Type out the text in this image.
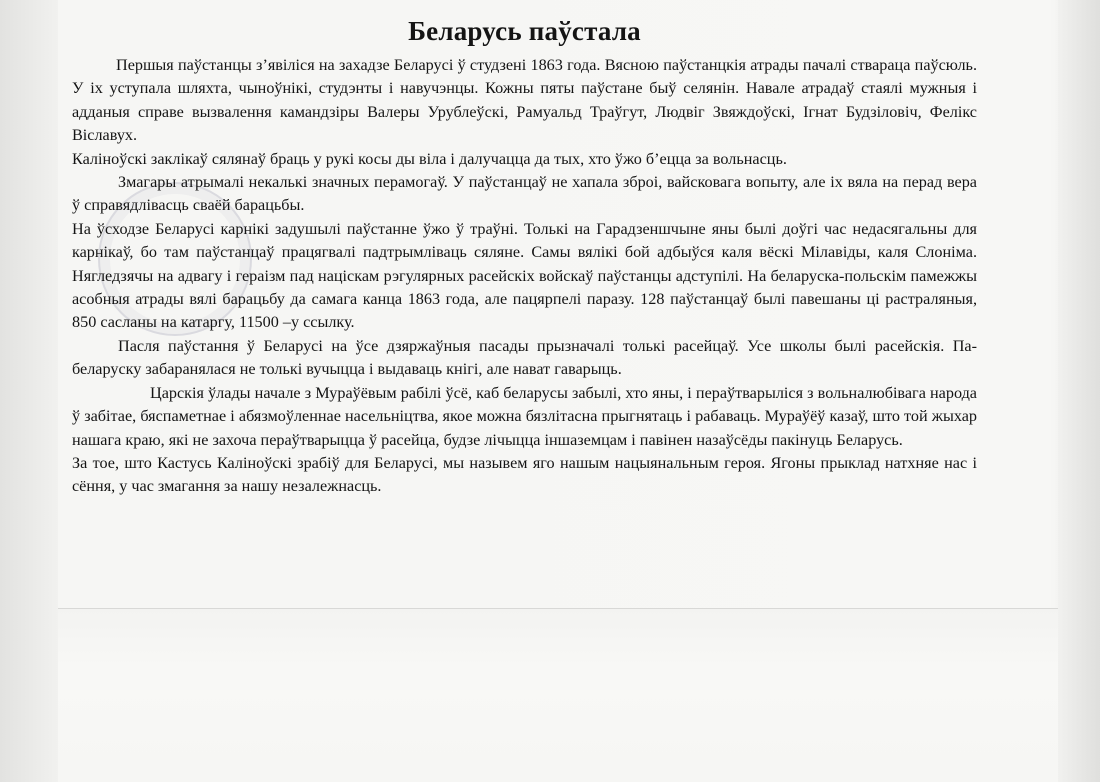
Беларусь паўстала

Першыя паўстанцы з’явіліся на захадзе Беларусі ў студзені 1863 года. Вясною паўстанцкія атрады пачалі ствараца паўсюль. У іх уступала шляхта, чыноўнікі, студэнты і навучэнцы. Кожны пяты паўстане быў селянін. Навале атрадаў стаялі мужныя і адданыя справе вызвалення камандзіры Валеры Урублеўскі, Рамуальд Траўгут, Людвіг Звяждоўскі, Ігнат Будзіловіч, Фелікс Віславух.

Каліноўскі заклікаў сялянаў браць у рукі косы ды віла і далучацца да тых, хто ўжо б’ецца за вольнасць.

Змагары атрымалі некалькі значных перамогаў. У паўстанцаў не хапала зброі, вайсковага вопыту, але іх вяла на перад вера ў справядлівасць сваёй барацьбы.

На ўсходзе Беларусі карнікі задушылі паўстанне ўжо ў траўні. Толькі на Гарадзеншчыне яны былі доўгі час недасягальны для карнікаў, бо там паўстанцаў працягвалі падтрымліваць сяляне. Самы вялікі бой адбыўся каля вёскі Мілавіды, каля Слоніма. Нягледзячы на адвагу і гераізм пад націскам рэгулярных расейскіх войскаў паўстанцы адступілі. На беларуска-польскім памежжы асобныя атрады вялі барацьбу да самага канца 1863 года, але пацярпелі паразу. 128 паўстанцаў былі павешаны ці растраляныя, 850 сасланы на катаргу, 11500 –у ссылку.

Пасля паўстання ў Беларусі на ўсе дзяржаўныя пасады прызначалі толькі расейцаў. Усе школы былі расейскія. Па-беларуску забаранялася не толькі вучыцца і выдаваць кнігі, але нават гаварыць.

Царскія ўлады начале з Мураўёвым рабілі ўсё, каб беларусы забылі, хто яны, і пераўтварыліся з вольналюбівага народа ў забітае, бяспаметнае і абязмоўленнае насельніцтва, якое можна бязлітасна прыгнятаць і рабаваць. Мураўёў казаў, што той жыхар нашага краю, які не захоча пераўтварыцца ў расейца, будзе лічыцца іншаземцам і павінен назаўсёды пакінуць Беларусь.

За тое, што Кастусь Каліноўскі зрабіў для Беларусі, мы назывем яго нашым нацыянальным героя. Ягоны прыклад натхняе нас і сёння, у час змагання за нашу незалежнасць.
